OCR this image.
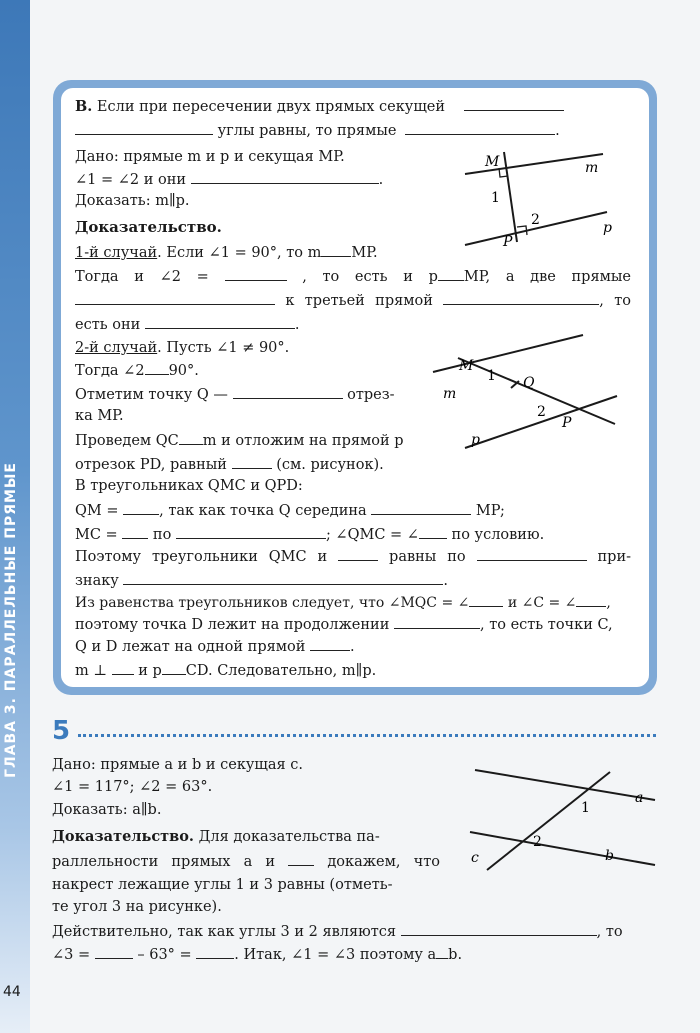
ГЛАВА 3. ПАРАЛЛЕЛЬНЫЕ ПРЯМЫЕ
44
В. Если при пересечении двух прямых секущей
углы равны, то прямые	.
Дано: прямые m и p и секущая MP.
∠1 = ∠2 и они	.
Доказать: m∥p.
Доказательство.
1-й случай. Если ∠1 = 90°, то m MP.
Тогда и ∠2 =	, то есть и p MP, а две прямые
к третьей прямой	, то
есть они	.
2-й случай. Пусть ∠1 ≠ 90°.
Тогда ∠2 90°.
Отметим точку Q —	отрез-
ка MP.
Проведем QC m и отложим на прямой p
отрезок PD, равный	(см. рисунок).
В треугольниках QMC и QPD:
QM =	, так как точка Q середина	MP;
MC = по	; ∠QMC = ∠ по условию.
Поэтому треугольники QMC и	равны по	при-
знаку	.
Из равенства треугольников следует, что ∠MQC = ∠	и ∠C = ∠ ,
поэтому точка D лежит на продолжении	, то есть точки C,
Q и D лежат на одной прямой	.
m ⊥ и p CD. Следовательно, m∥p.
M	m
1
2
P
p
M
m
1 Q
2
P
p
5
Дано: прямые a и b и секущая c.
∠1 = 117°; ∠2 = 63°.
Доказать: a∥b.
Доказательство. Для доказательства па-
раллельности прямых a и	докажем, что
накрест лежащие углы 1 и 3 равны (отметь-
те угол 3 на рисунке).
Действительно, так как углы 3 и 2 являются	, то
∠3 =	– 63° =	. Итак, ∠1 = ∠3 поэтому a b.
a
1
2
c	b
